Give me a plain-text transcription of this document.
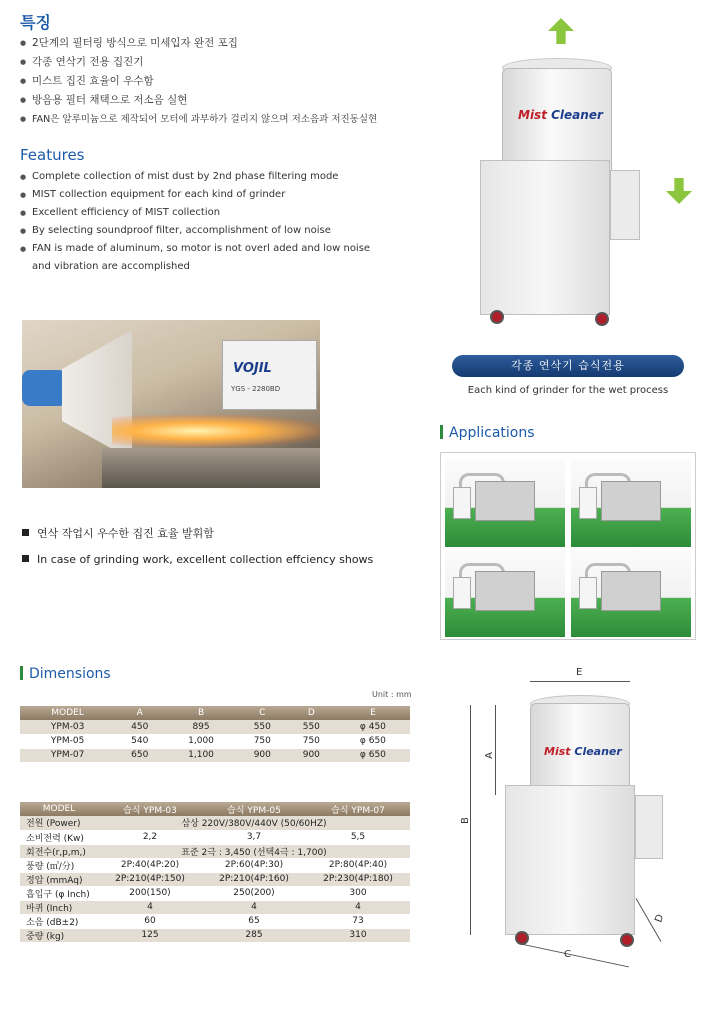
특징
● 2단계의 필터링 방식으로 미세입자 완전 포집
● 각종 연삭기 전용 집진기
● 미스트 집진 효율이 우수함
● 방음용 필터 채택으로 저소음 실현
● FAN은 알루미늄으로 제작되어 모터에 과부하가 걸리지 않으며 저소음과 저진동실현
Features
● Complete collection of mist dust by 2nd phase filtering mode
● MIST collection equipment for each kind of grinder
● Excellent efficiency of MIST collection
● By selecting soundproof filter, accomplishment of low noise
● FAN is made of aluminum, so motor is not overl aded and low noise
and vibration are accomplished
Mist Cleaner
각종 연삭기 습식전용
Each kind of grinder for the wet process
VOJIL
YGS - 2280BD
Applications
연삭 작업시 우수한 집진 효율 발휘함
In case of grinding work, excellent collection effciency shows
Dimensions
Unit : mm
MODEL	A	B	C	D	E
YPM-03	450	895	550	550	φ 450
YPM-05	540	1,000	750	750	φ 650
YPM-07	650	1,100	900	900	φ 650
MODEL	습식 YPM-03	습식 YPM-05	습식 YPM-07
전원 (Power)	삼상 220V/380V/440V (50/60HZ)		
소비전력 (Kw)	2,2	3,7	5,5
회전수(r,p,m,)	표준 2극 : 3,450 (선택4극 : 1,700)		
풍량 (㎥/分)	2P:40(4P:20)	2P:60(4P:30)	2P:80(4P:40)
정압 (mmAq)	2P:210(4P:150)	2P:210(4P:160)	2P:230(4P:180)
흡입구 (φ Inch)	200(150)	250(200)	300
바퀴 (Inch)	4	4	4
소음 (dB±2)	60	65	73
중량 (kg)	125	285	310
E
Mist Cleaner
B
A
C
D
